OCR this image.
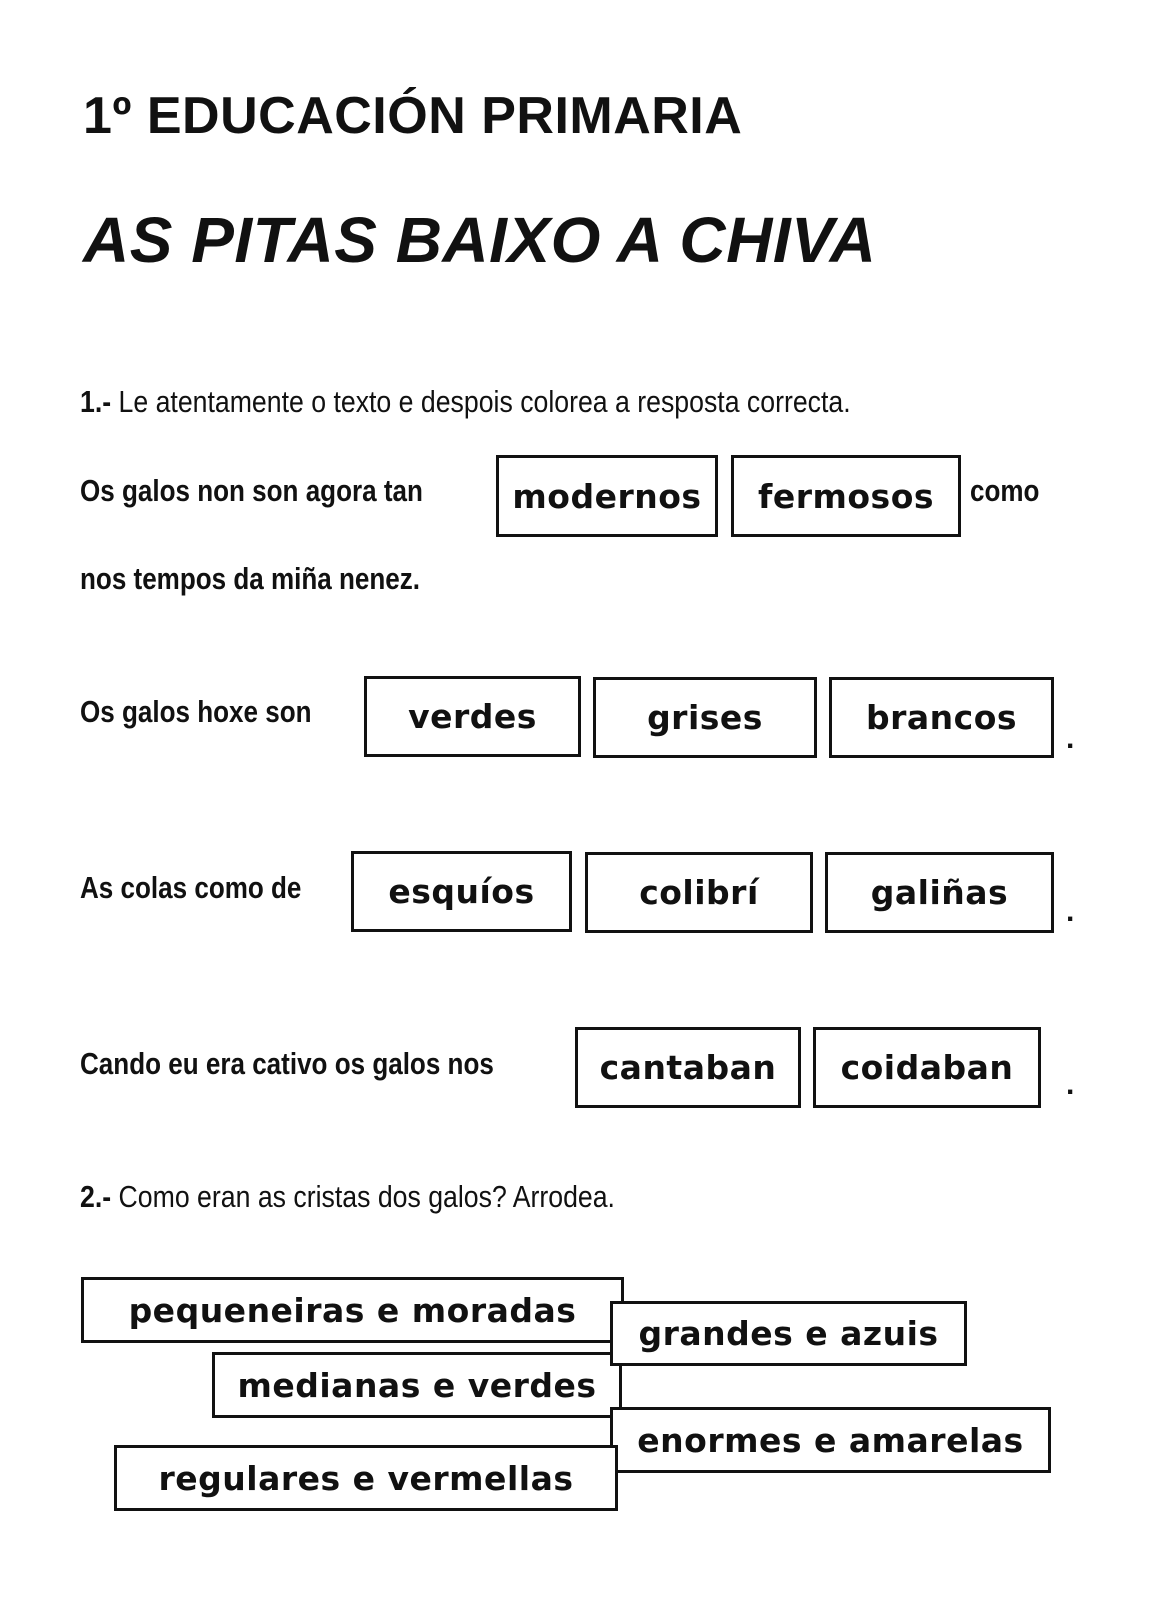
1º EDUCACIÓN PRIMARIA
AS PITAS BAIXO A CHIVA
1.- Le atentamente o texto e despois colorea a resposta correcta.
Os galos non son agora tan	modernos	fermosos	como
nos tempos da miña nenez.
Os galos hoxe son	verdes	grises	brancos
.
As colas como de	esquíos	colibrí	galiñas	.
Cando eu era cativo os galos nos	cantaban	coidaban	.
2.- Como eran as cristas dos galos? Arrodea.
pequeneiras e moradas
grandes e azuis
medianas e verdes
enormes e amarelas
regulares e vermellas
